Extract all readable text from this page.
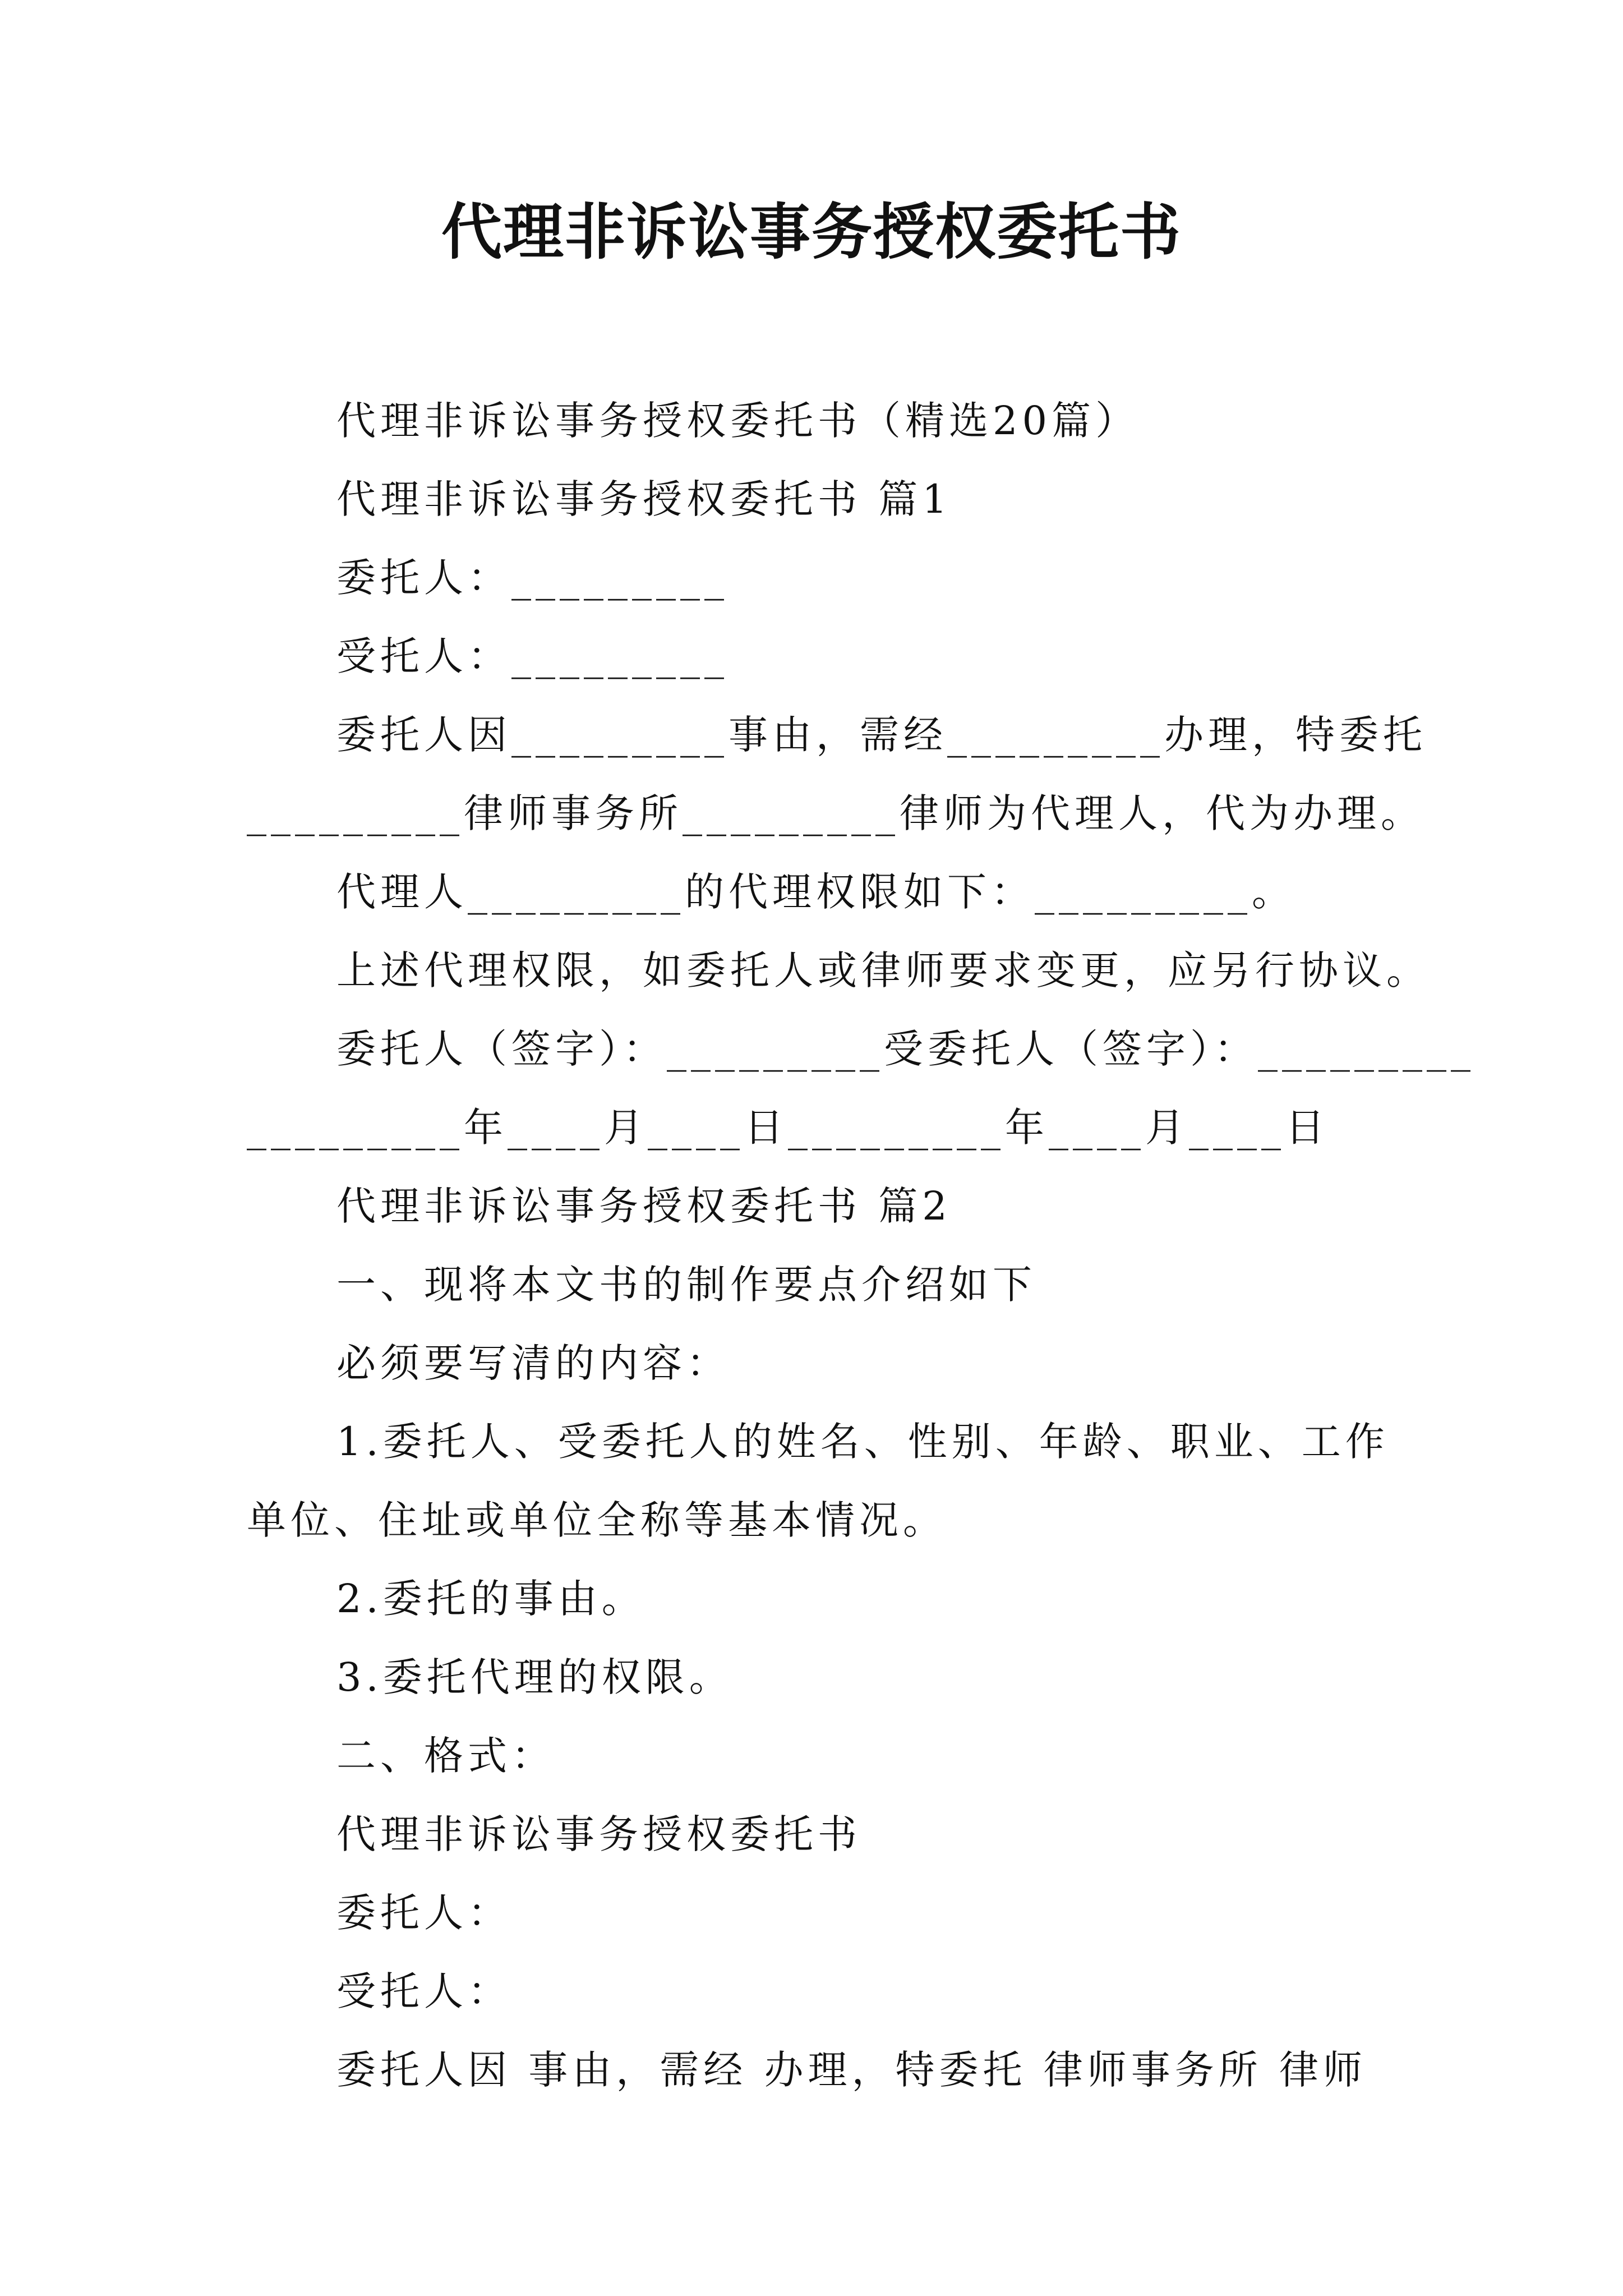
代理非诉讼事务授权委托书

代理非诉讼事务授权委托书（精选20篇）

代理非诉讼事务授权委托书 篇1

委托人：_________

受托人：_________

委托人因_________事由，需经_________办理，特委托

_________律师事务所_________律师为代理人，代为办理。

代理人_________的代理权限如下：_________。

上述代理权限，如委托人或律师要求变更，应另行协议。

委托人（签字）：_________受委托人（签字）：_________

_________年____月____日_________年____月____日

代理非诉讼事务授权委托书 篇2

一、现将本文书的制作要点介绍如下

必须要写清的内容：

1.委托人、受委托人的姓名、性别、年龄、职业、工作

单位、住址或单位全称等基本情况。

2.委托的事由。

3.委托代理的权限。

二、格式：

代理非诉讼事务授权委托书

委托人：

受托人：

委托人因 事由，需经 办理，特委托 律师事务所 律师
